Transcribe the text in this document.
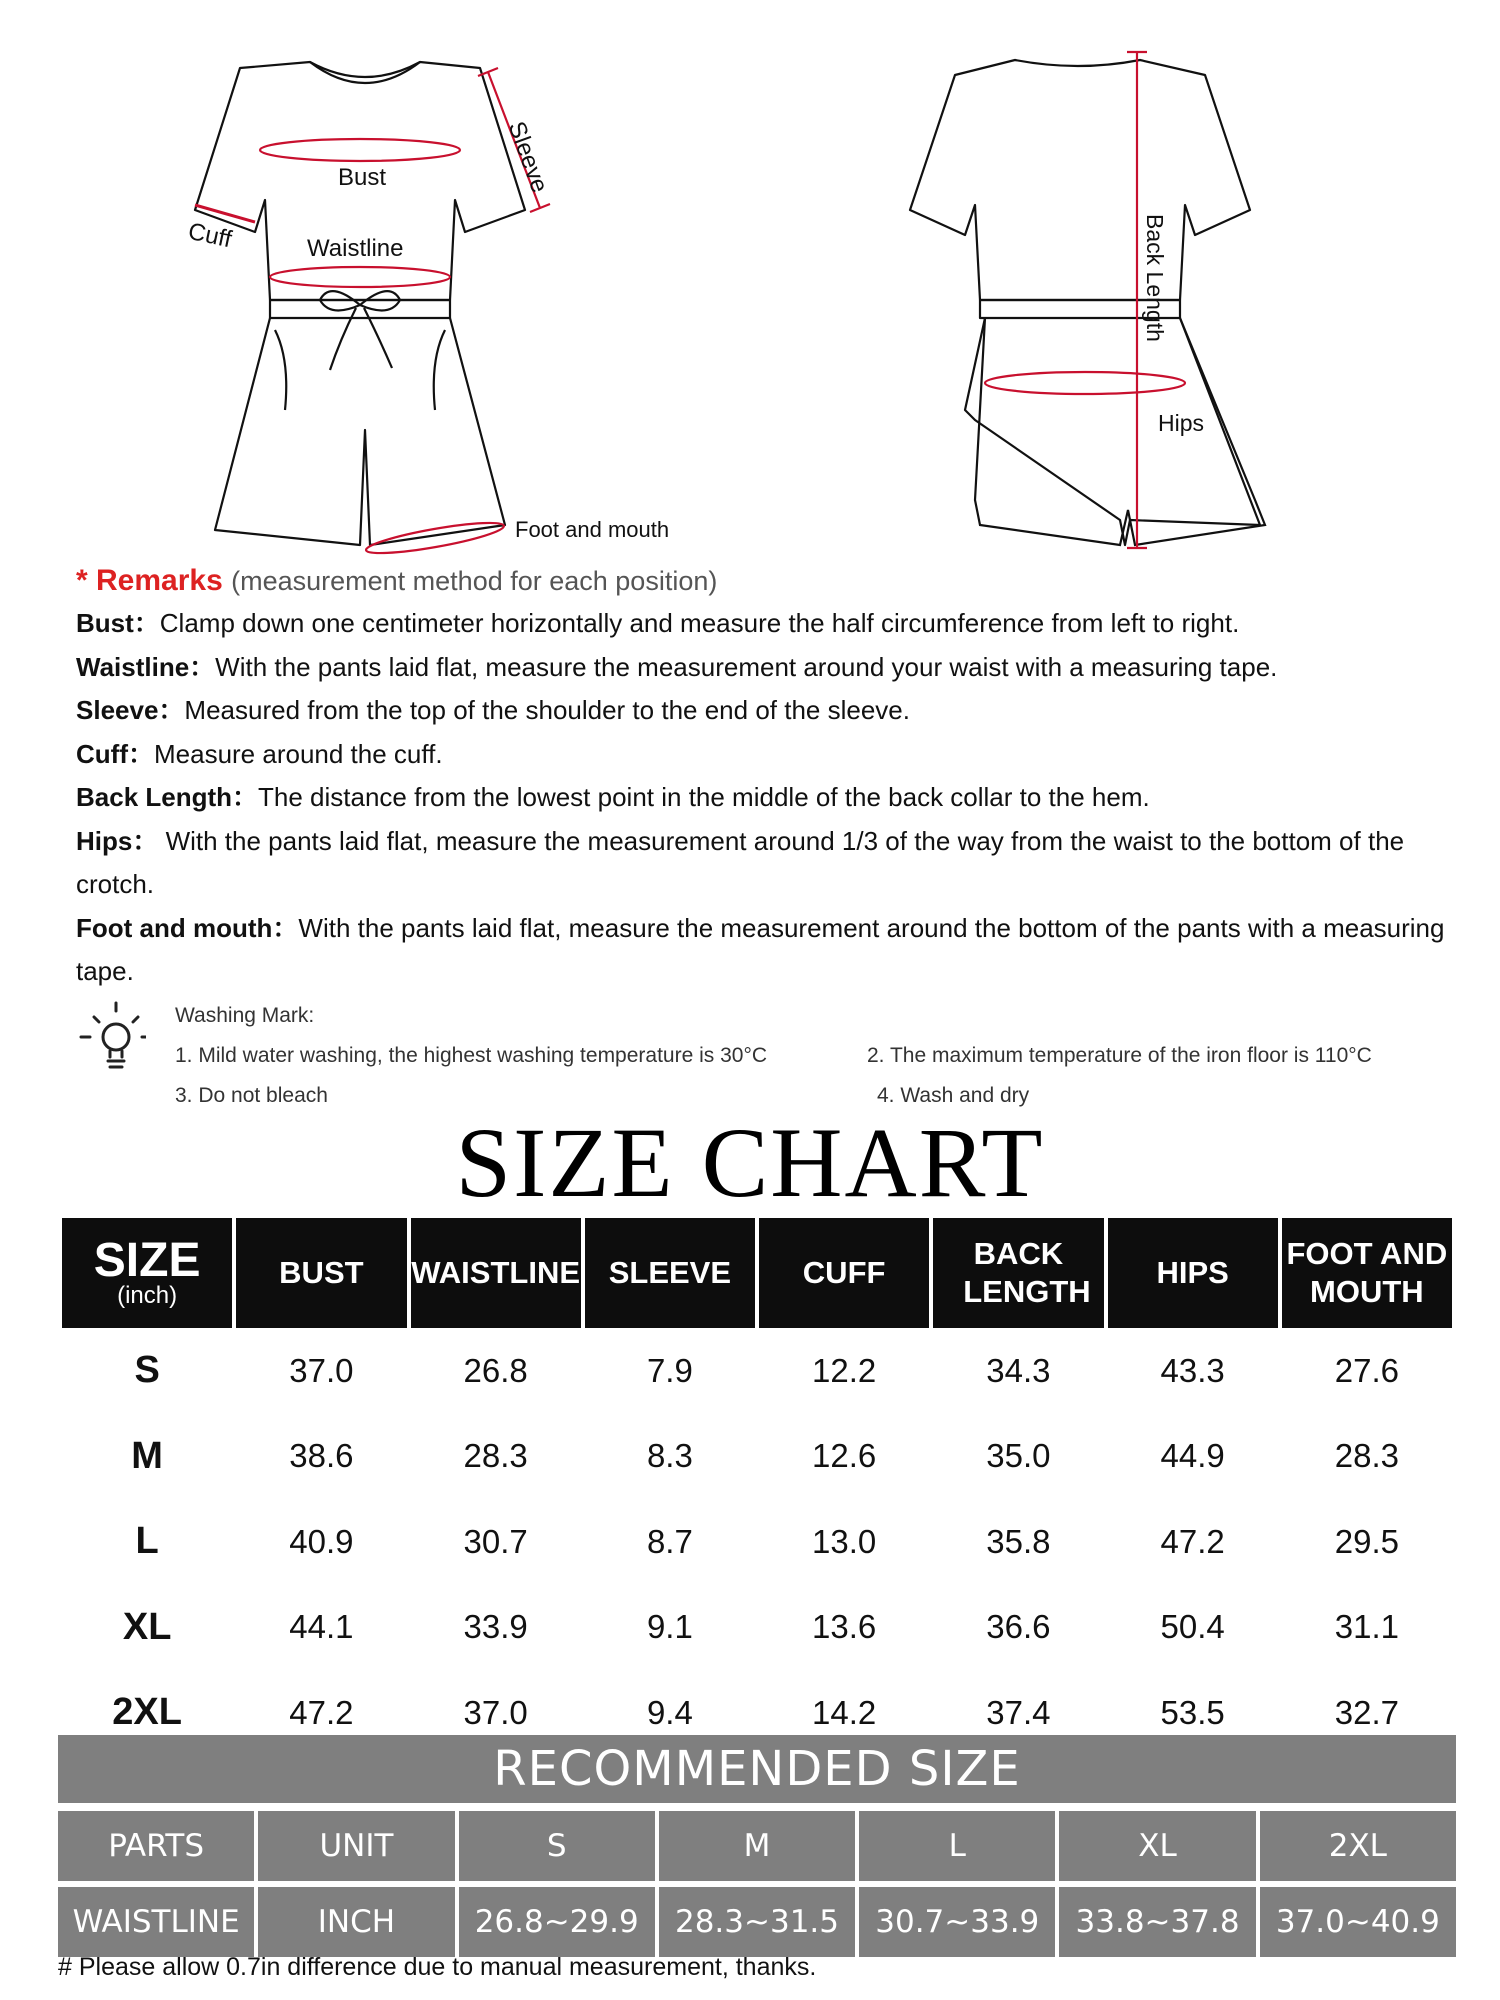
Sleeve
Bust
Cuff	Waistline
Foot and mouth
Back Length
Hips
* Remarks (measurement method for each position)
Bust：Clamp down one centimeter horizontally and measure the half circumference from left to right.
Waistline：With the pants laid flat, measure the measurement around your waist with a measuring tape.
Sleeve：Measured from the top of the shoulder to the end of the sleeve.
Cuff：Measure around the cuff.
Back Length：The distance from the lowest point in the middle of the back collar to the hem.
Hips： With the pants laid flat, measure the measurement around 1/3 of the way from the waist to the bottom of the crotch.
Foot and mouth：With the pants laid flat, measure the measurement around the bottom of the pants with a measuring tape.
Washing Mark:
1. Mild water washing, the highest washing temperature is 30°C	2. The maximum temperature of the iron floor is 110°C
3. Do not bleach	4. Wash and dry
SIZE CHART
SIZE
(inch)	BUST	WAISTLINE	SLEEVE	CUFF	BACK LENGTH	HIPS	FOOT AND MOUTH
S	37.0	26.8	7.9	12.2	34.3	43.3	27.6
M	38.6	28.3	8.3	12.6	35.0	44.9	28.3
L	40.9	30.7	8.7	13.0	35.8	47.2	29.5
XL	44.1	33.9	9.1	13.6	36.6	50.4	31.1
2XL	47.2	37.0	9.4	14.2	37.4	53.5	32.7
RECOMMENDED SIZE
PARTS	UNIT	S	M	L	XL	2XL
WAISTLINE	INCH	26.8~29.9	28.3~31.5	30.7~33.9	33.8~37.8	37.0~40.9
# Please allow 0.7in difference due to manual measurement, thanks.
